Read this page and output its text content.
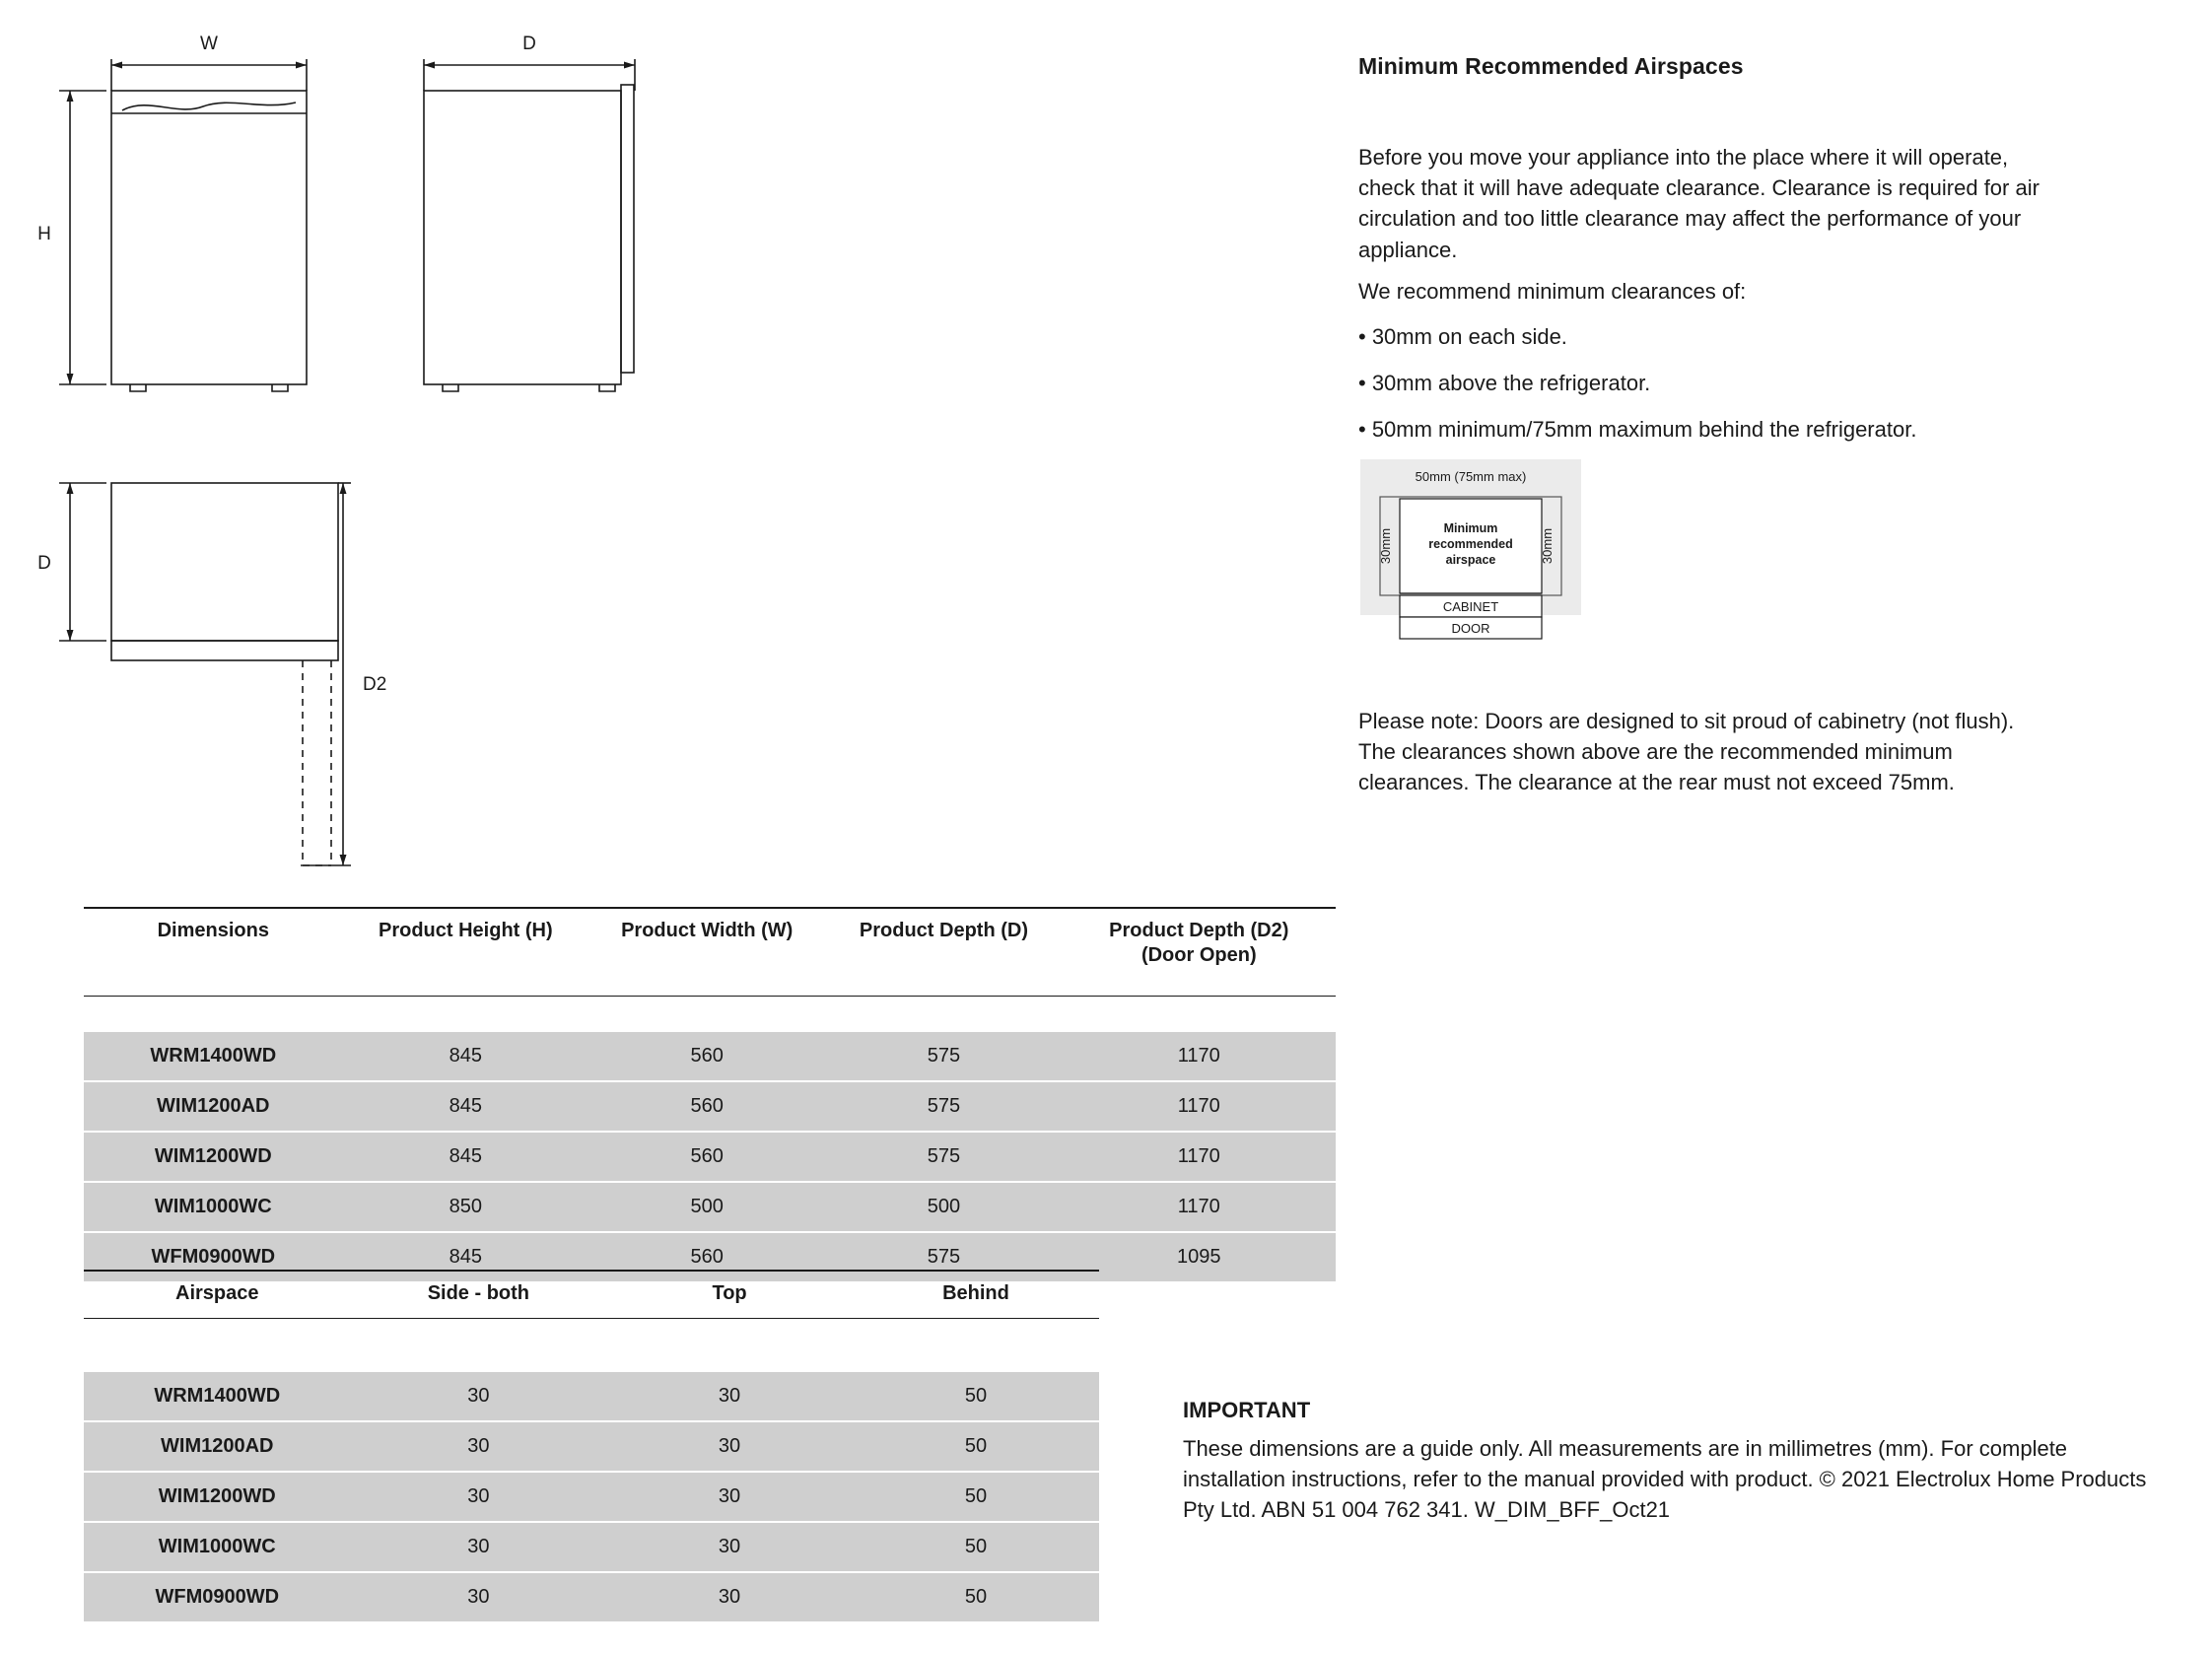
W
H
D
D
D2
Dimensions	Product Height (H)	Product Width (W)	Product Depth (D)	Product Depth (D2)
(Door Open)

WRM1400WD	845	560	575	1170
WIM1200AD	845	560	575	1170
WIM1200WD	845	560	575	1170
WIM1000WC	850	500	500	1170
WFM0900WD	845	560	575	1095
Airspace	Side - both	Top	Behind

WRM1400WD	30	30	50
WIM1200AD	30	30	50
WIM1200WD	30	30	50
WIM1000WC	30	30	50
WFM0900WD	30	30	50
Minimum Recommended Airspaces

Before you move your appliance into the place where it will operate, check that it will have adequate clearance. Clearance is required for air circulation and too little clearance may affect the performance of your appliance.

We recommend minimum clearances of:

• 30mm on each side.

• 30mm above the refrigerator.

• 50mm minimum/75mm maximum behind the refrigerator.

Please note: Doors are designed to sit proud of cabinetry (not flush). The clearances shown above are the recommended minimum clearances. The clearance at the rear must not exceed 75mm.

50mm (75mm max)
30mm	30mm
Minimum
recommended
airspace
CABINET
DOOR
IMPORTANT

These dimensions are a guide only. All measurements are in millimetres (mm). For complete installation instructions, refer to the manual provided with product. © 2021 Electrolux Home Products Pty Ltd. ABN 51 004 762 341. W_DIM_BFF_Oct21
